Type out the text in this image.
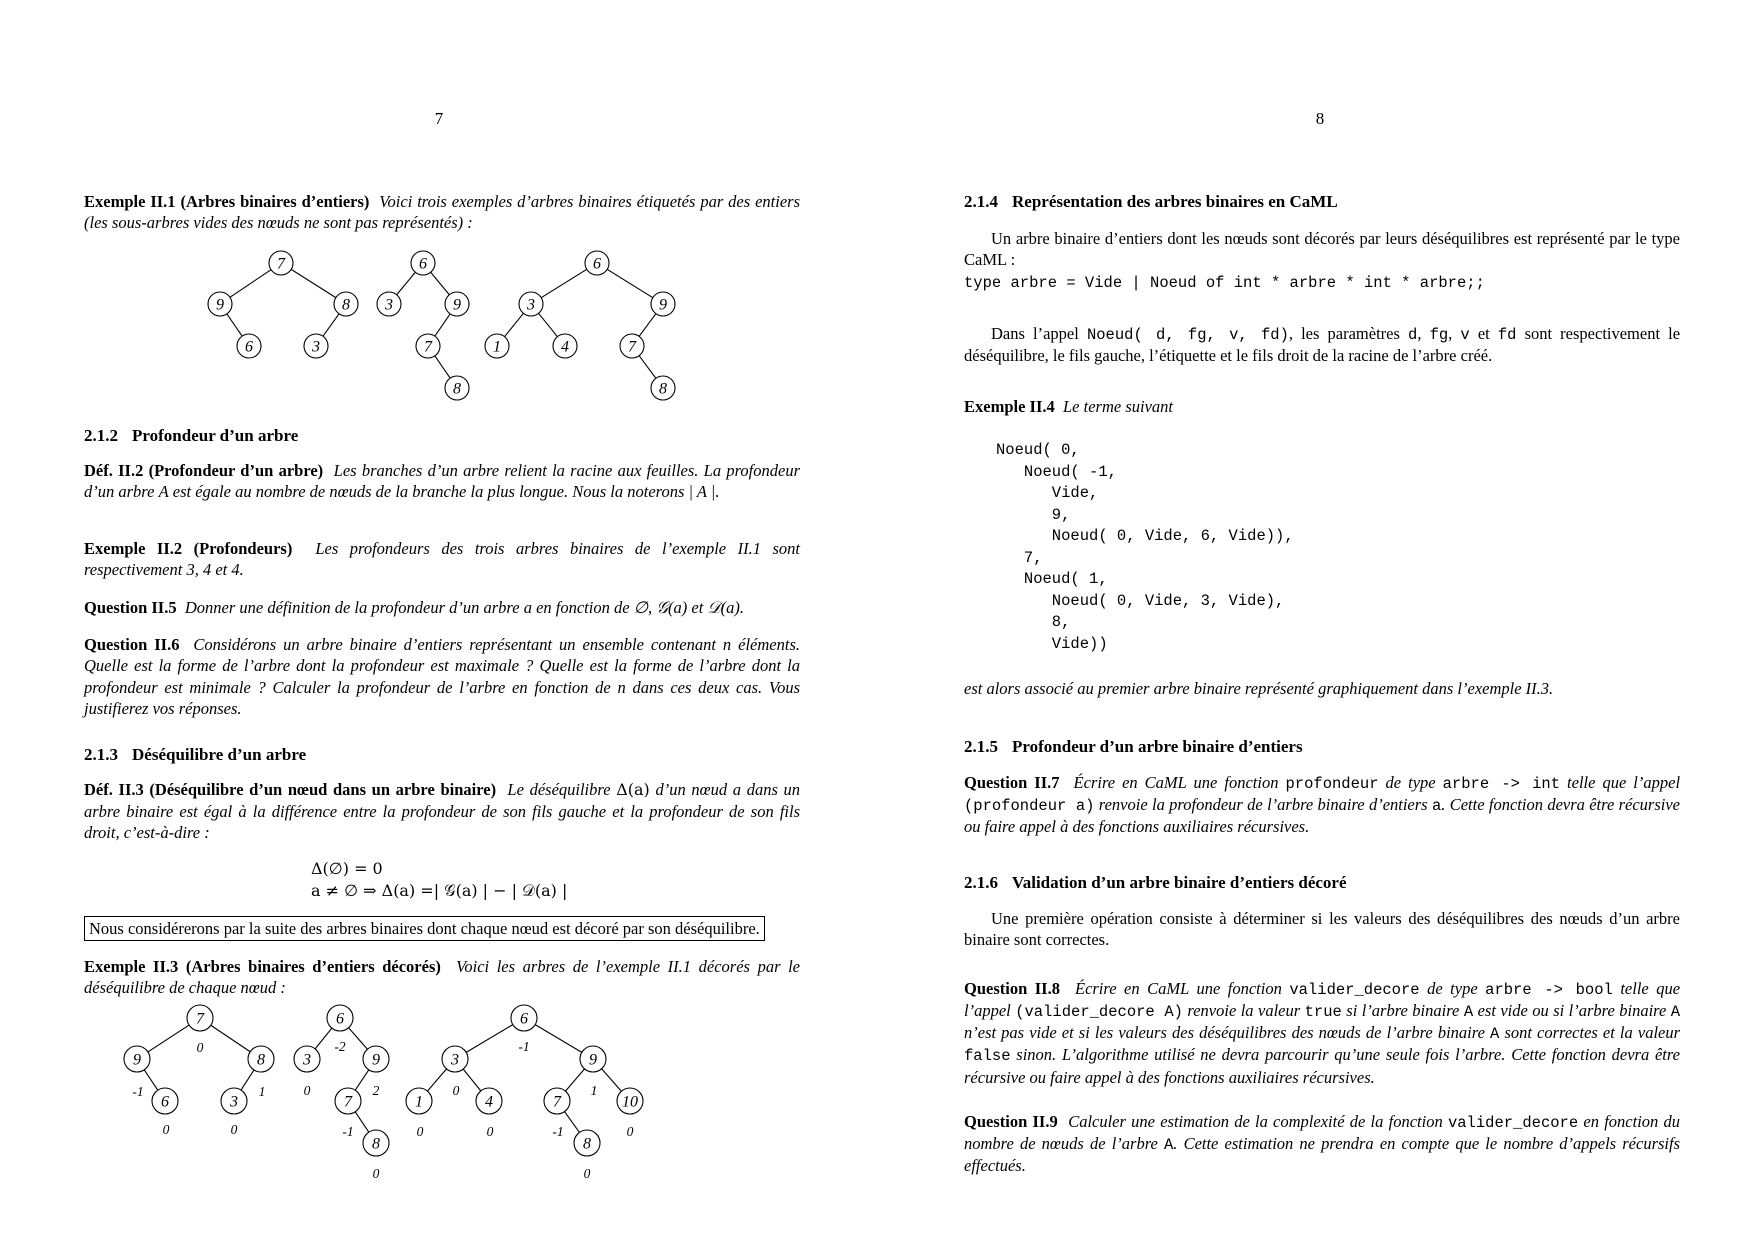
7
Exemple II.1 (Arbres binaires d’entiers) Voici trois exemples d’arbres binaires étiquetés par des entiers (les sous-arbres vides des nœuds ne sont pas représentés) :
7
9	8
6	3
6
3	9
7
8
6
3	9
1	4	7
8
2.1.2 Profondeur d’un arbre
Déf. II.2 (Profondeur d’un arbre) Les branches d’un arbre relient la racine aux feuilles. La profondeur d’un arbre A est égale au nombre de nœuds de la branche la plus longue. Nous la noterons | A |.
Exemple II.2 (Profondeurs) Les profondeurs des trois arbres binaires de l’exemple II.1 sont respectivement 3, 4 et 4.
Question II.5 Donner une définition de la profondeur d’un arbre a en fonction de ∅, 𝒢(a) et 𝒟(a).
Question II.6 Considérons un arbre binaire d’entiers représentant un ensemble contenant n éléments. Quelle est la forme de l’arbre dont la profondeur est maximale ? Quelle est la forme de l’arbre dont la profondeur est minimale ? Calculer la profondeur de l’arbre en fonction de n dans ces deux cas. Vous justifierez vos réponses.
2.1.3 Déséquilibre d’un arbre
Déf. II.3 (Déséquilibre d’un nœud dans un arbre binaire) Le déséquilibre Δ(a) d’un nœud a dans un arbre binaire est égal à la différence entre la profondeur de son fils gauche et la profondeur de son fils droit, c’est-à-dire :
Δ(∅) = 0
a ≠ ∅ ⇒ Δ(a) =| 𝒢(a) | − | 𝒟(a) |
Nous considérerons par la suite des arbres binaires dont chaque nœud est décoré par son déséquilibre.
Exemple II.3 (Arbres binaires d’entiers décorés) Voici les arbres de l’exemple II.1 décorés par le déséquilibre de chaque nœud :
7
0
9
-1
8
1
6
0
3
0
6
-2
3
0
9
2
7
-1
8
0
6
-1
3
0
9
1
1
0
4
0
7
-1
10
0
8
0
8
2.1.4 Représentation des arbres binaires en CaML
Un arbre binaire d’entiers dont les nœuds sont décorés par leurs déséquilibres est représenté par le type CaML :
type arbre = Vide | Noeud of int * arbre * int * arbre;;
Dans l’appel Noeud( d, fg, v, fd), les paramètres d, fg, v et fd sont respectivement le déséquilibre, le fils gauche, l’étiquette et le fils droit de la racine de l’arbre créé.
Exemple II.4 Le terme suivant
Noeud( 0,
Noeud( -1,
Vide,
9,
Noeud( 0, Vide, 6, Vide)),
7,
Noeud( 1,
Noeud( 0, Vide, 3, Vide),
8,
Vide))
est alors associé au premier arbre binaire représenté graphiquement dans l’exemple II.3.
2.1.5 Profondeur d’un arbre binaire d’entiers
Question II.7 Écrire en CaML une fonction profondeur de type arbre -> int telle que l’appel (profondeur a) renvoie la profondeur de l’arbre binaire d’entiers a. Cette fonction devra être récursive ou faire appel à des fonctions auxiliaires récursives.
2.1.6 Validation d’un arbre binaire d’entiers décoré
Une première opération consiste à déterminer si les valeurs des déséquilibres des nœuds d’un arbre binaire sont correctes.
Question II.8 Écrire en CaML une fonction valider_decore de type arbre -> bool telle que l’appel (valider_decore A) renvoie la valeur true si l’arbre binaire A est vide ou si l’arbre binaire A n’est pas vide et si les valeurs des déséquilibres des nœuds de l’arbre binaire A sont correctes et la valeur false sinon. L’algorithme utilisé ne devra parcourir qu’une seule fois l’arbre. Cette fonction devra être récursive ou faire appel à des fonctions auxiliaires récursives.
Question II.9 Calculer une estimation de la complexité de la fonction valider_decore en fonction du nombre de nœuds de l’arbre A. Cette estimation ne prendra en compte que le nombre d’appels récursifs effectués.
